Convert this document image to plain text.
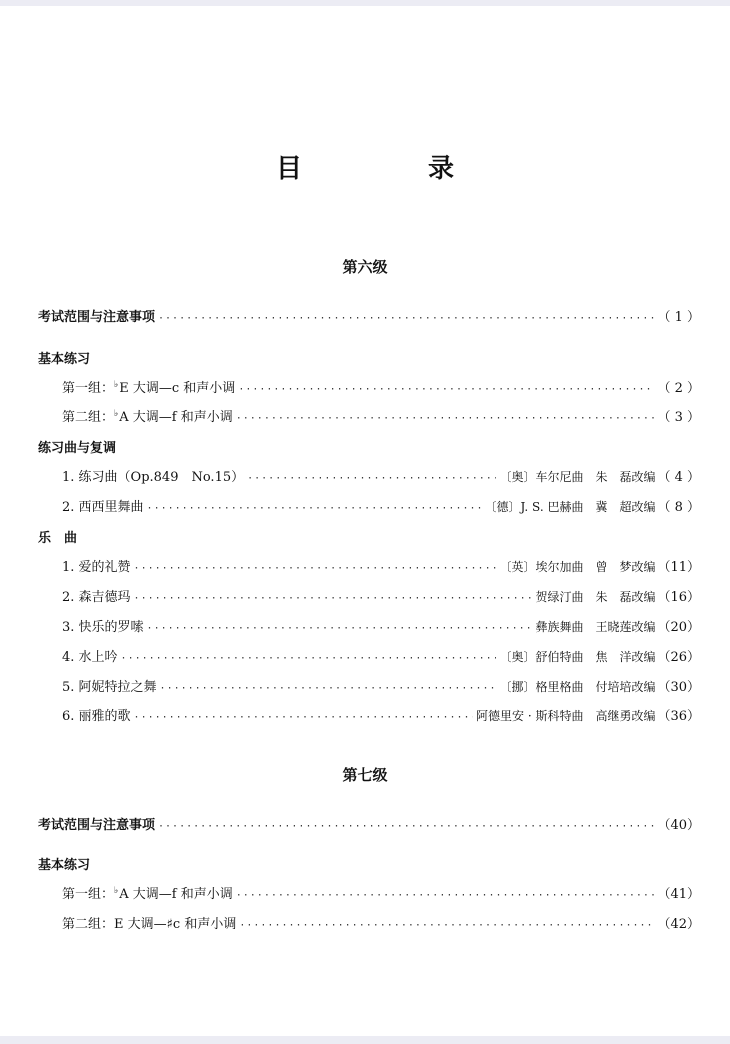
目　录
第六级
考试范围与注意事项 ·····	（ 1 ）
基本练习
第一组：♭E 大调—c 和声小调 ·····	（ 2 ）
第二组：♭A 大调—f 和声小调 ·····	（ 3 ）
练习曲与复调
1. 练习曲（Op.849　No.15） ·····	〔奥〕车尔尼曲　朱　磊改编 （ 4 ）
2. 西西里舞曲 ·····	〔德〕J. S. 巴赫曲　冀　超改编 （ 8 ）
乐　曲
1. 爱的礼赞 ·····	〔英〕埃尔加曲　曾　梦改编 （11）
2. 森吉德玛 ·····	贺绿汀曲　朱　磊改编 （16）
3. 快乐的罗嗦 ·····	彝族舞曲　王晓莲改编 （20）
4. 水上吟 ·····	〔奥〕舒伯特曲　焦　洋改编 （26）
5. 阿妮特拉之舞 ·····	〔挪〕格里格曲　付培培改编 （30）
6. 丽雅的歌 ·····	阿德里安 · 斯科特曲　高继勇改编 （36）
第七级
考试范围与注意事项 ·····	（40）
基本练习
第一组：♭A 大调—f 和声小调 ·····	（41）
第二组：E 大调—♯c 和声小调 ·····	（42）
